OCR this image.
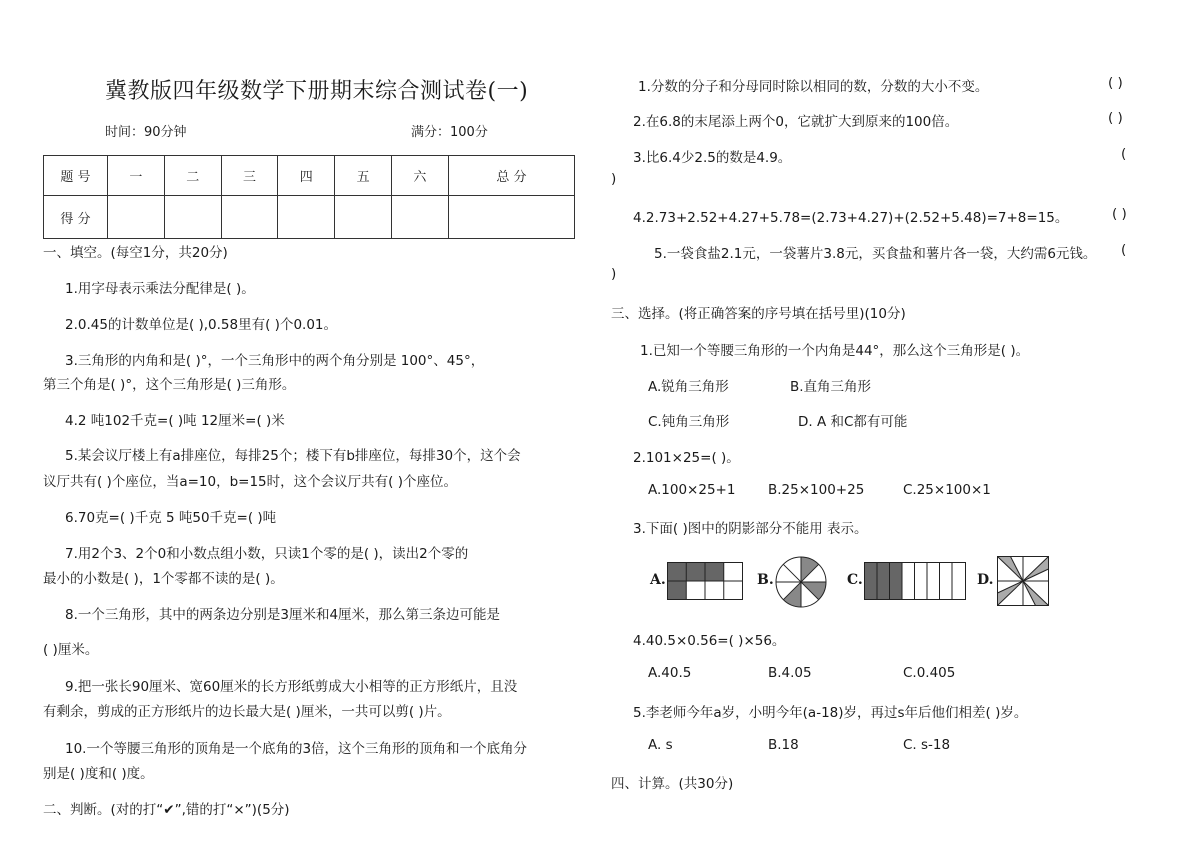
冀教版四年级数学下册期末综合测试卷(一)
时间：90分钟	满分：100分
题 号	一	二	三	四	五	六	总 分
得 分							
一、填空。(每空1分，共20分)
1.用字母表示乘法分配律是( )。
2.0.45的计数单位是( ),0.58里有( )个0.01。
3.三角形的内角和是( )°，一个三角形中的两个角分别是 100°、45°，
第三个角是( )°，这个三角形是( )三角形。
4.2 吨102千克=( )吨 12厘米=( )米
5.某会议厅楼上有a排座位，每排25个；楼下有b排座位，每排30个，这个会
议厅共有( )个座位，当a=10，b=15时，这个会议厅共有( )个座位。
6.70克=( )千克 5 吨50千克=( )吨
7.用2个3、2个0和小数点组小数，只读1个零的是( )，读出2个零的
最小的小数是( )，1个零都不读的是( )。
8.一个三角形，其中的两条边分别是3厘米和4厘米，那么第三条边可能是
( )厘米。
9.把一张长90厘米、宽60厘米的长方形纸剪成大小相等的正方形纸片，且没
有剩余，剪成的正方形纸片的边长最大是( )厘米，一共可以剪( )片。
10.一个等腰三角形的顶角是一个底角的3倍，这个三角形的顶角和一个底角分
别是( )度和( )度。
二、判断。(对的打“✔”,错的打“×”)(5分)
1.分数的分子和分母同时除以相同的数，分数的大小不变。	( )
2.在6.8的末尾添上两个0，它就扩大到原来的100倍。	( )
3.比6.4少2.5的数是4.9。	(
)
4.2.73+2.52+4.27+5.78=(2.73+4.27)+(2.52+5.48)=7+8=15。	( )
5.一袋食盐2.1元，一袋薯片3.8元，买食盐和薯片各一袋，大约需6元钱。 (
)
三、选择。(将正确答案的序号填在括号里)(10分)
1.已知一个等腰三角形的一个内角是44°，那么这个三角形是( )。
A.锐角三角形	B.直角三角形
C.钝角三角形	D. A 和C都有可能
2.101×25=( )。
A.100×25+1 B.25×100+25	C.25×100×1
3.下面( )图中的阴影部分不能用 表示。
A.	B.	C.	D.
4.40.5×0.56=( )×56。
A.40.5	B.4.05	C.0.405
5.李老师今年a岁，小明今年(a-18)岁，再过s年后他们相差( )岁。
A. s	B.18	C. s-18
四、计算。(共30分)
